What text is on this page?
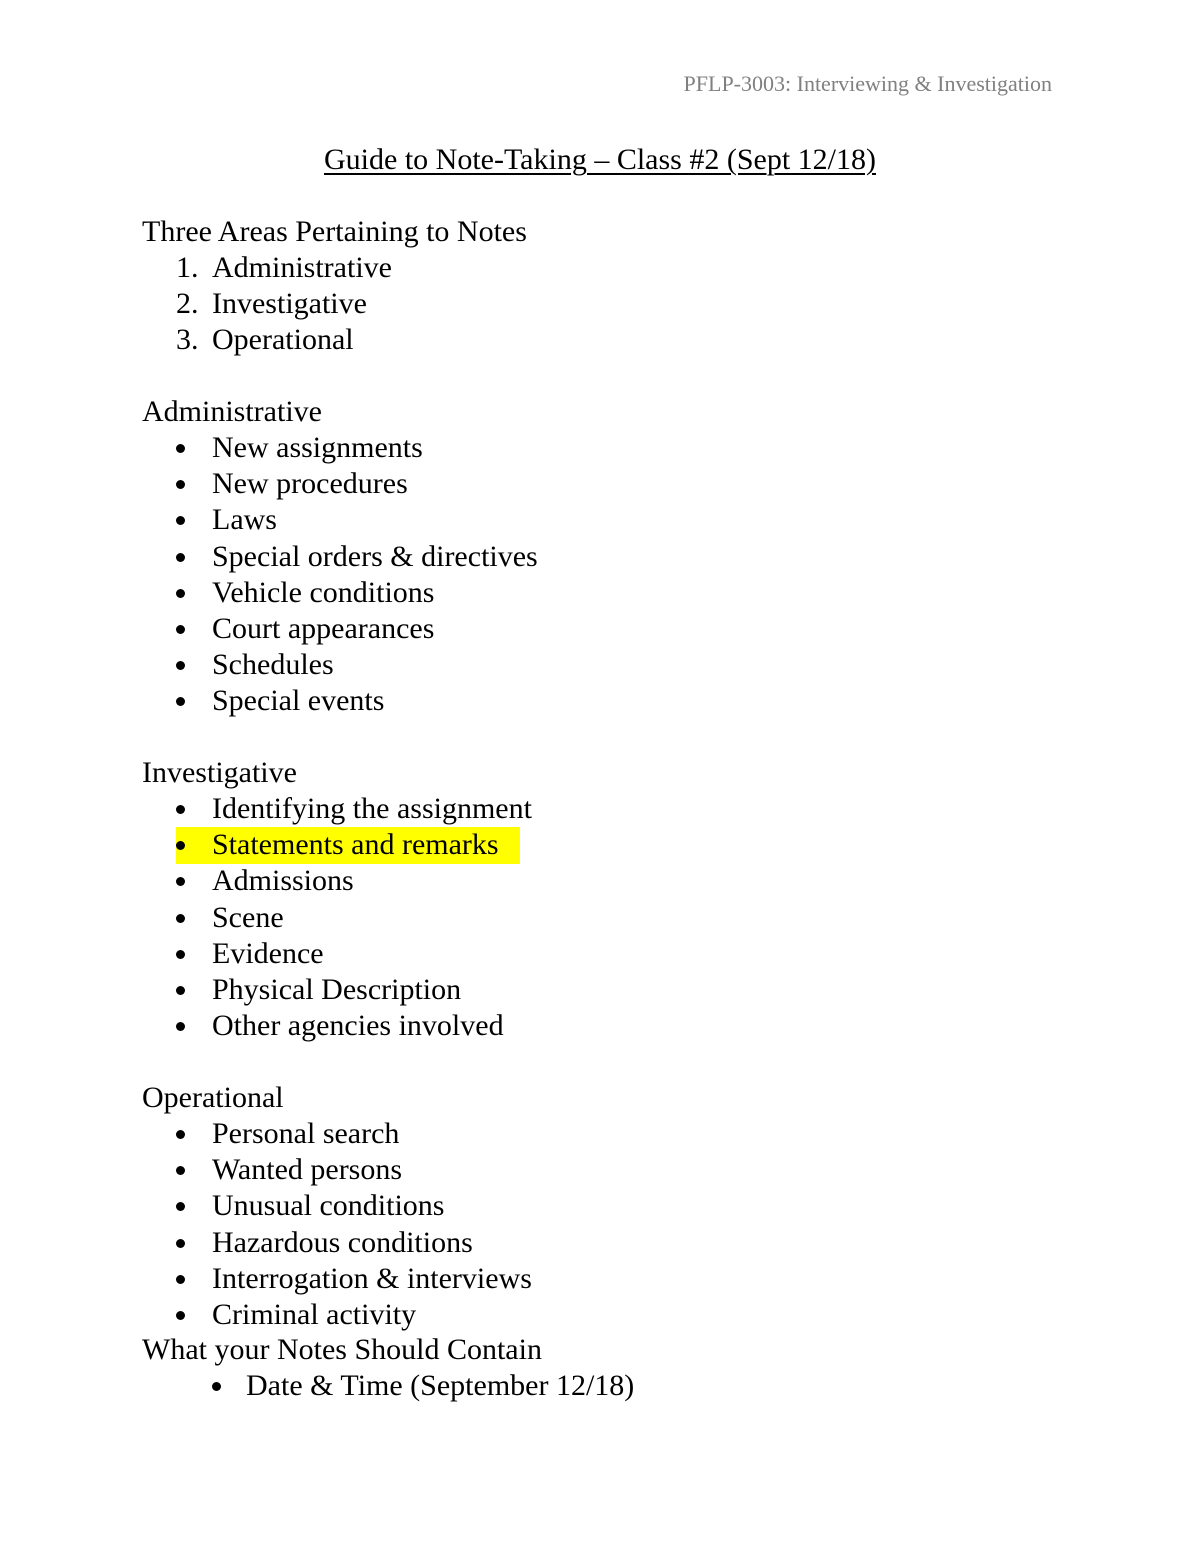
PFLP-3003: Interviewing & Investigation
Guide to Note-Taking – Class #2 (Sept 12/18)

Three Areas Pertaining to Notes

1. Administrative
2. Investigative
3. Operational

Administrative

New assignments
New procedures
Laws
Special orders & directives
Vehicle conditions
Court appearances
Schedules
Special events

Investigative

Identifying the assignment
Statements and remarks
Admissions
Scene
Evidence
Physical Description
Other agencies involved

Operational

Personal search
Wanted persons
Unusual conditions
Hazardous conditions
Interrogation & interviews
Criminal activity

What your Notes Should Contain

Date & Time (September 12/18)
